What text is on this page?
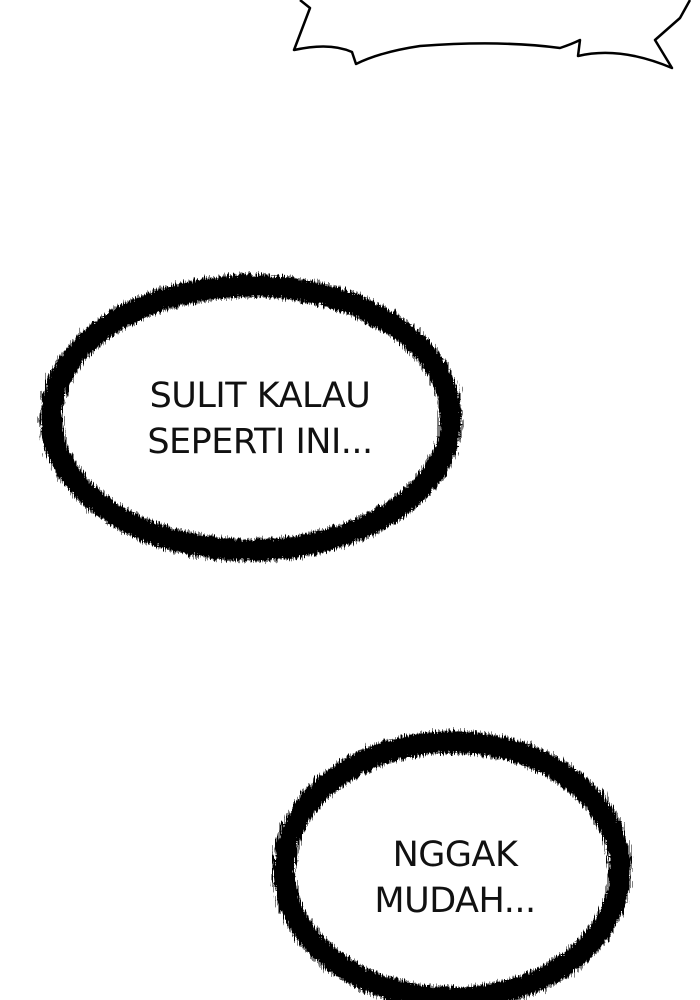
SULIT KALAU
SEPERTI INI...
NGGAK
MUDAH...
